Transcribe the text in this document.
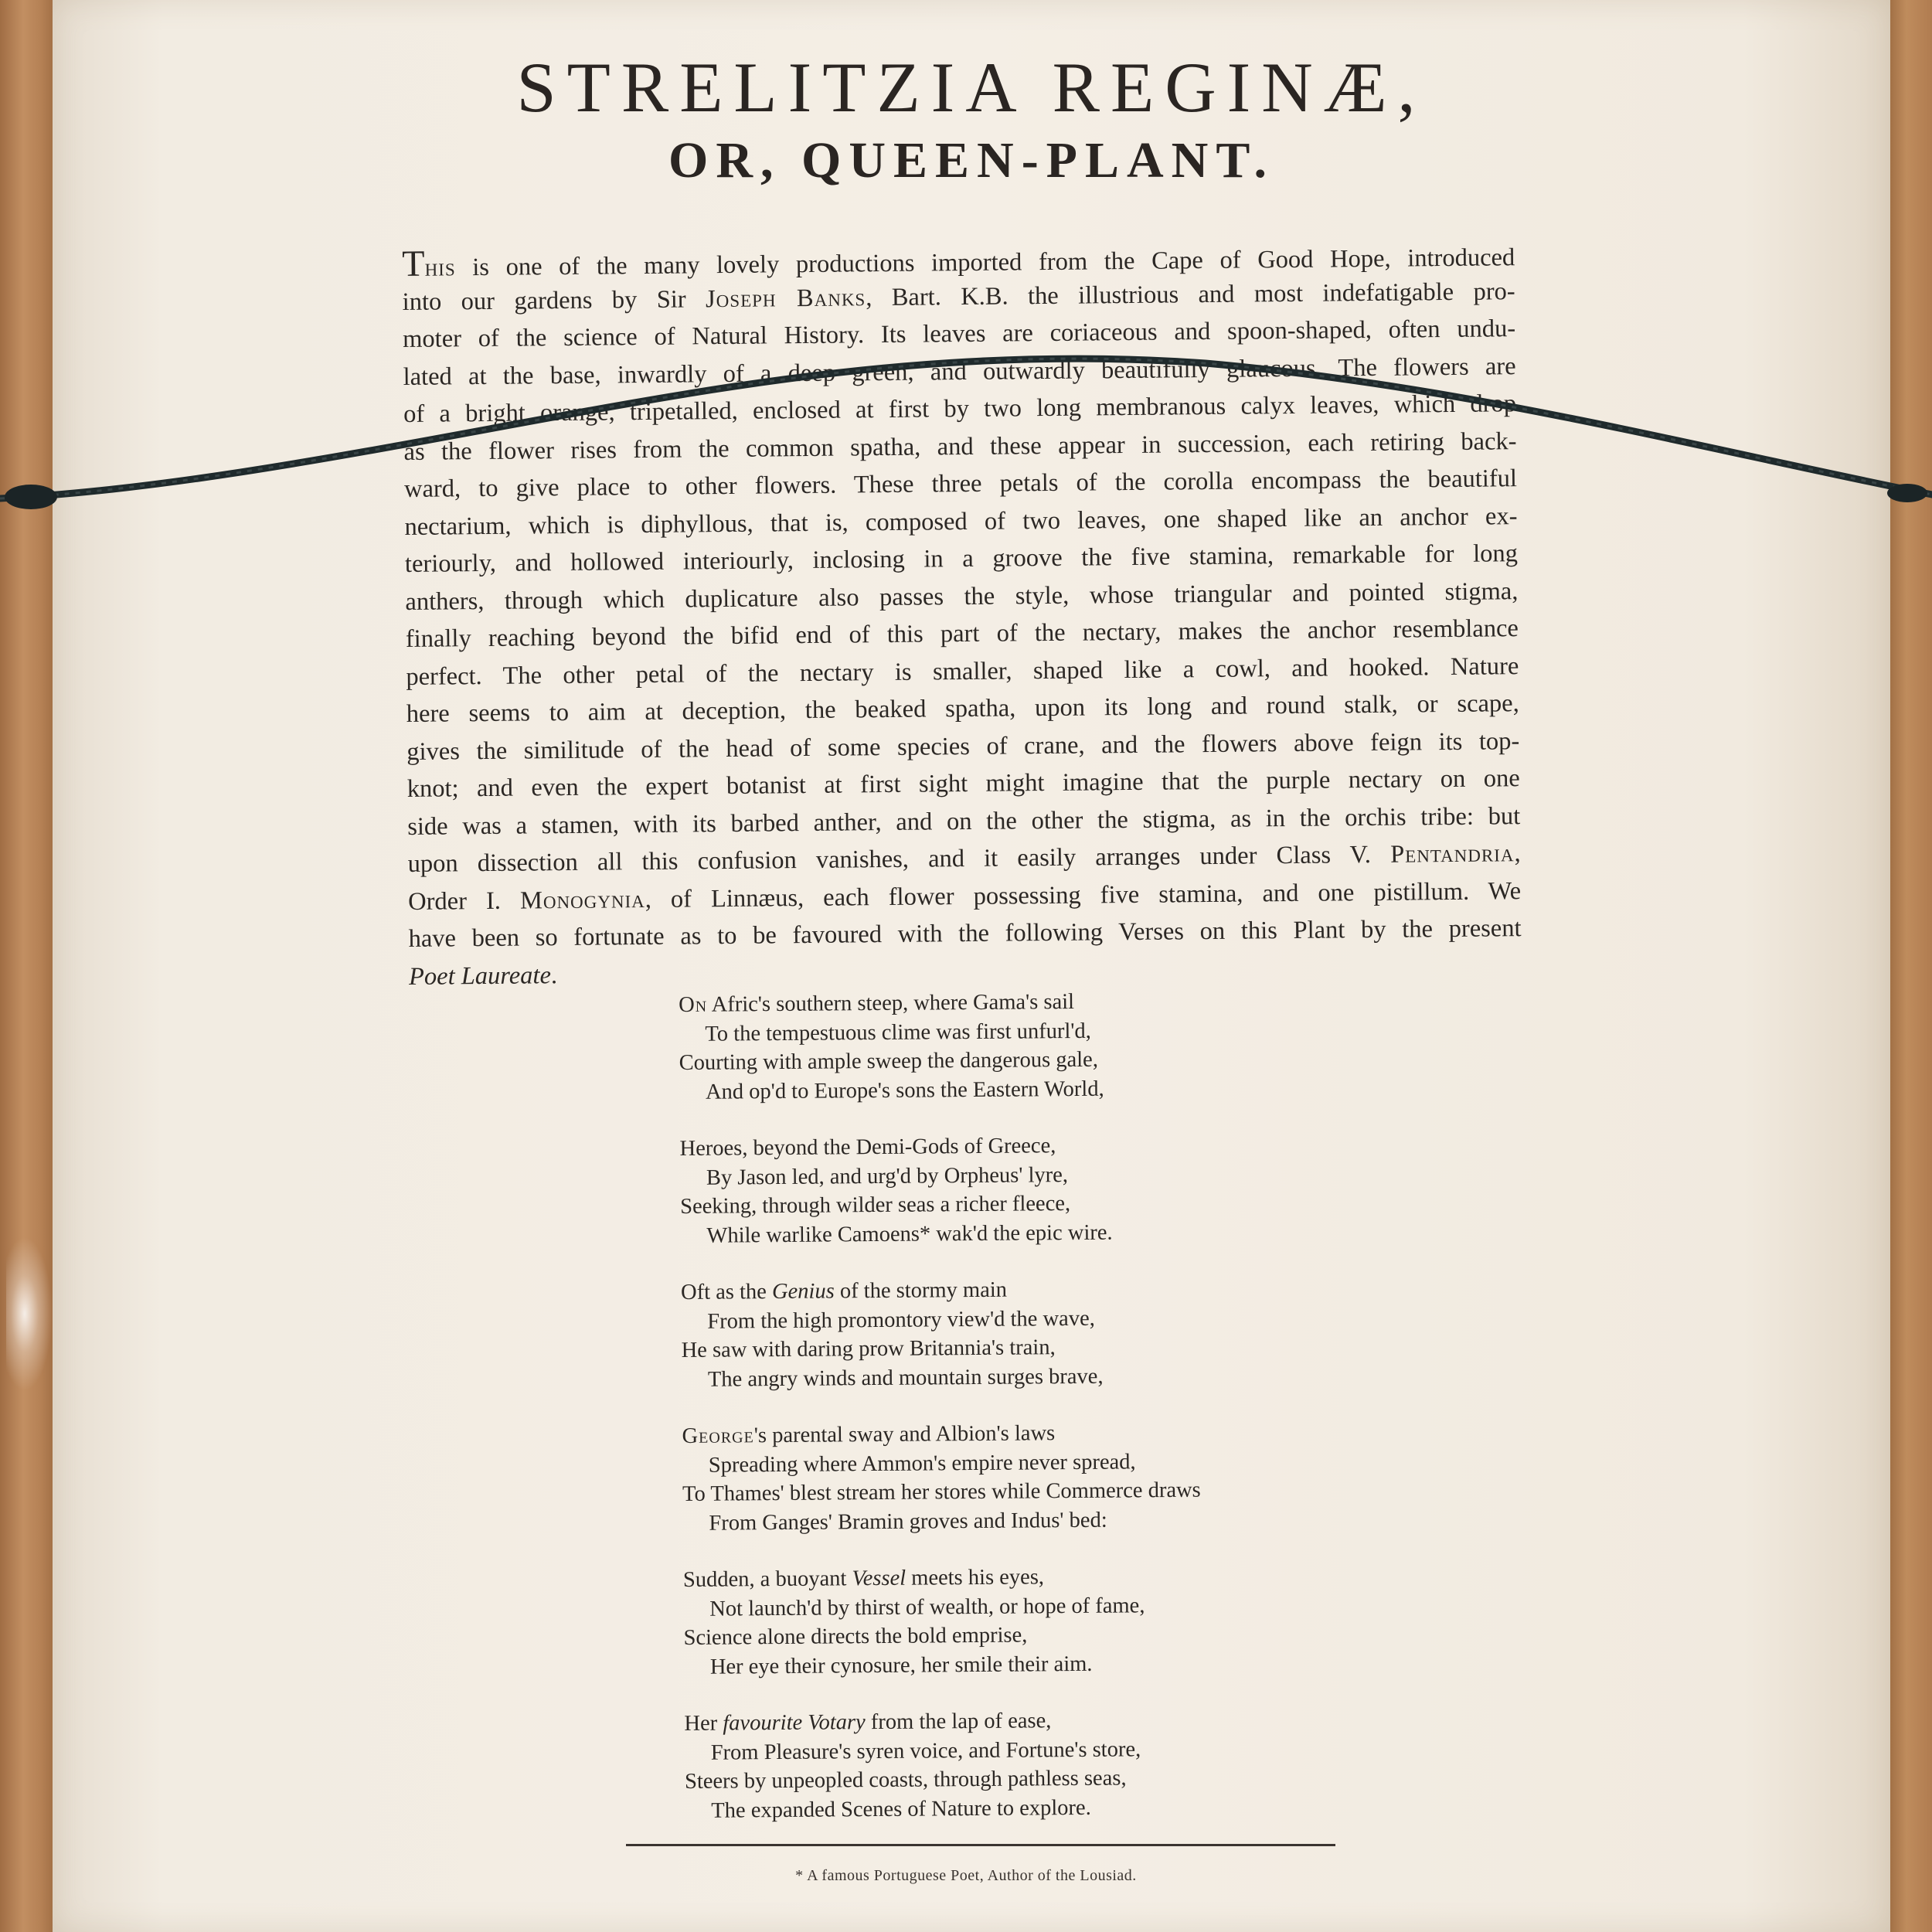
STRELITZIA REGINÆ,
OR, QUEEN-PLANT.
This is one of the many lovely productions imported from the Cape of Good Hope, introduced
into our gardens by Sir Joseph Banks, Bart. K.B. the illustrious and most indefatigable pro-
moter of the science of Natural History. Its leaves are coriaceous and spoon-shaped, often undu-
lated at the base, inwardly of a deep green, and outwardly beautifully glaucous. The flowers are
of a bright orange, tripetalled, enclosed at first by two long membranous calyx leaves, which drop
as the flower rises from the common spatha, and these appear in succession, each retiring back-
ward, to give place to other flowers. These three petals of the corolla encompass the beautiful
nectarium, which is diphyllous, that is, composed of two leaves, one shaped like an anchor ex-
teriourly, and hollowed interiourly, inclosing in a groove the five stamina, remarkable for long
anthers, through which duplicature also passes the style, whose triangular and pointed stigma,
finally reaching beyond the bifid end of this part of the nectary, makes the anchor resemblance
perfect. The other petal of the nectary is smaller, shaped like a cowl, and hooked. Nature
here seems to aim at deception, the beaked spatha, upon its long and round stalk, or scape,
gives the similitude of the head of some species of crane, and the flowers above feign its top-
knot; and even the expert botanist at first sight might imagine that the purple nectary on one
side was a stamen, with its barbed anther, and on the other the stigma, as in the orchis tribe: but
upon dissection all this confusion vanishes, and it easily arranges under Class V. Pentandria,
Order I. Monogynia, of Linnæus, each flower possessing five stamina, and one pistillum. We
have been so fortunate as to be favoured with the following Verses on this Plant by the present
Poet Laureate.
On Afric's southern steep, where Gama's sail
To the tempestuous clime was first unfurl'd,
Courting with ample sweep the dangerous gale,
And op'd to Europe's sons the Eastern World,
Heroes, beyond the Demi-Gods of Greece,
By Jason led, and urg'd by Orpheus' lyre,
Seeking, through wilder seas a richer fleece,
While warlike Camoens* wak'd the epic wire.
Oft as the Genius of the stormy main
From the high promontory view'd the wave,
He saw with daring prow Britannia's train,
The angry winds and mountain surges brave,
George's parental sway and Albion's laws
Spreading where Ammon's empire never spread,
To Thames' blest stream her stores while Commerce draws
From Ganges' Bramin groves and Indus' bed:
Sudden, a buoyant Vessel meets his eyes,
Not launch'd by thirst of wealth, or hope of fame,
Science alone directs the bold emprise,
Her eye their cynosure, her smile their aim.
Her favourite Votary from the lap of ease,
From Pleasure's syren voice, and Fortune's store,
Steers by unpeopled coasts, through pathless seas,
The expanded Scenes of Nature to explore.
* A famous Portuguese Poet, Author of the Lousiad.
